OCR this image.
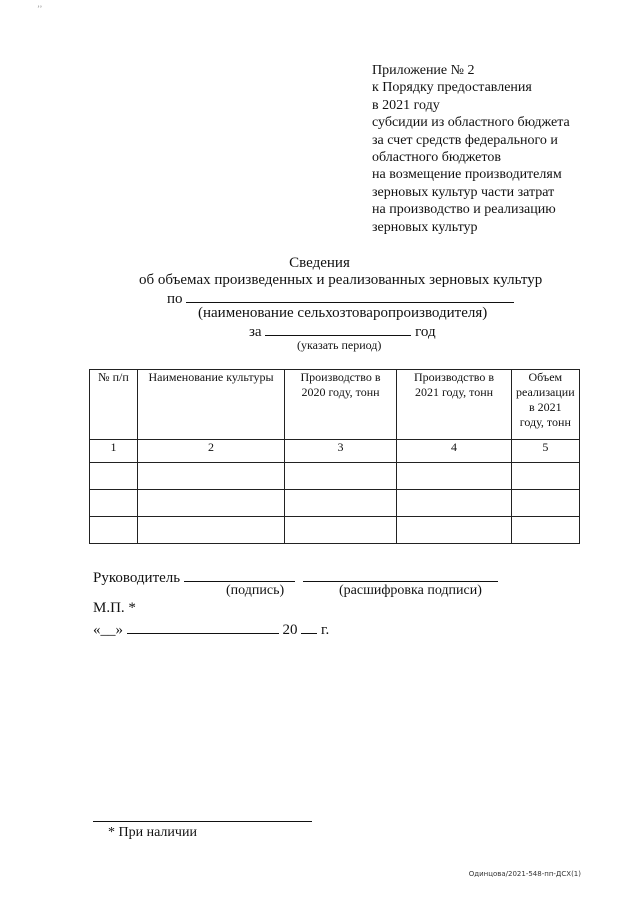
’’
Приложение № 2
к Порядку предоставления
в 2021 году
субсидии из областного бюджета
за счет средств федерального и
областного бюджетов
на возмещение производителям
зерновых культур части затрат
на производство и реализацию
зерновых культур
Сведения
об объемах произведенных и реализованных зерновых культур
по
(наименование сельхозтоваропроизводителя)
за	год
(указать период)
№ п/п	Наименование культуры	Производство в 2020 году, тонн	Производство в 2021 году, тонн	Объем реализации в 2021 году, тонн
1	2	3	4	5

Руководитель
(подпись)	(расшифровка подписи)
М.П. *
«__»	20 г.
* При наличии
Одинцова/2021-548-пп-ДСХ(1)
